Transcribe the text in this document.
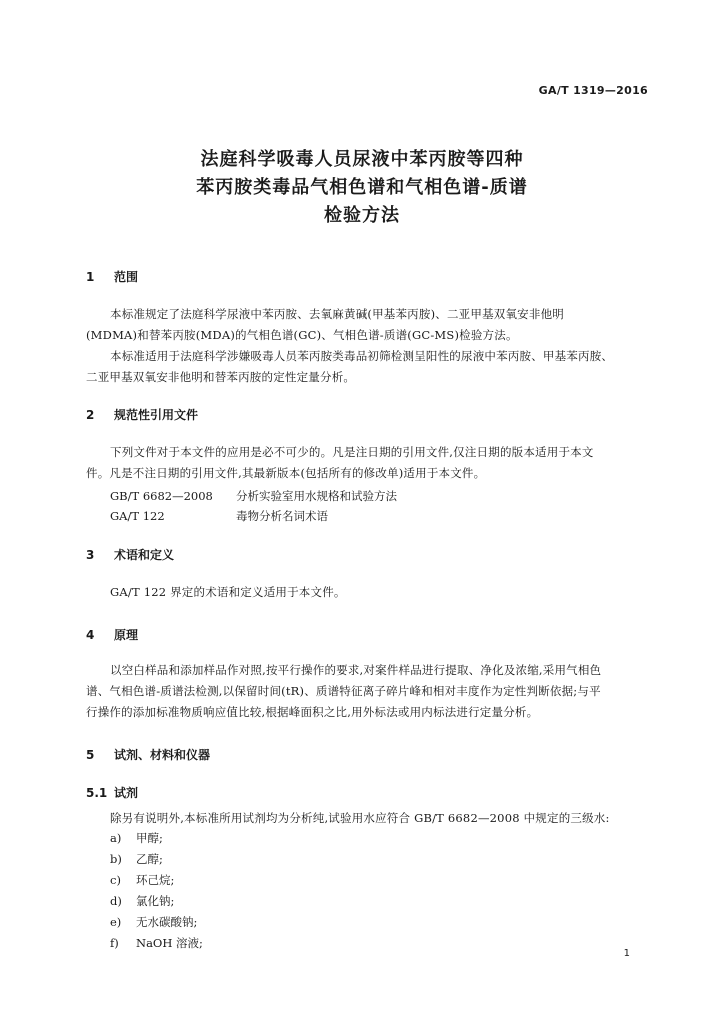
GA/T 1319—2016
法庭科学吸毒人员尿液中苯丙胺等四种
苯丙胺类毒品气相色谱和气相色谱-质谱
检验方法
1 范围
本标准规定了法庭科学尿液中苯丙胺、去氧麻黄碱(甲基苯丙胺)、二亚甲基双氧安非他明
(MDMA)和替苯丙胺(MDA)的气相色谱(GC)、气相色谱-质谱(GC-MS)检验方法。
本标准适用于法庭科学涉嫌吸毒人员苯丙胺类毒品初筛检测呈阳性的尿液中苯丙胺、甲基苯丙胺、
二亚甲基双氧安非他明和替苯丙胺的定性定量分析。
2 规范性引用文件
下列文件对于本文件的应用是必不可少的。凡是注日期的引用文件,仅注日期的版本适用于本文
件。凡是不注日期的引用文件,其最新版本(包括所有的修改单)适用于本文件。
GB/T 6682—2008 分析实验室用水规格和试验方法
GA/T 122	毒物分析名词术语
3 术语和定义
GA/T 122 界定的术语和定义适用于本文件。
4 原理
以空白样品和添加样品作对照,按平行操作的要求,对案件样品进行提取、净化及浓缩,采用气相色
谱、气相色谱-质谱法检测,以保留时间(tR)、质谱特征离子碎片峰和相对丰度作为定性判断依据;与平
行操作的添加标准物质响应值比较,根据峰面积之比,用外标法或用内标法进行定量分析。
5 试剂、材料和仪器
5.1 试剂
除另有说明外,本标准所用试剂均为分析纯,试验用水应符合 GB/T 6682—2008 中规定的三级水:
a) 甲醇;
b) 乙醇;
c) 环己烷;
d) 氯化钠;
e) 无水碳酸钠;
f) NaOH 溶液;
1
